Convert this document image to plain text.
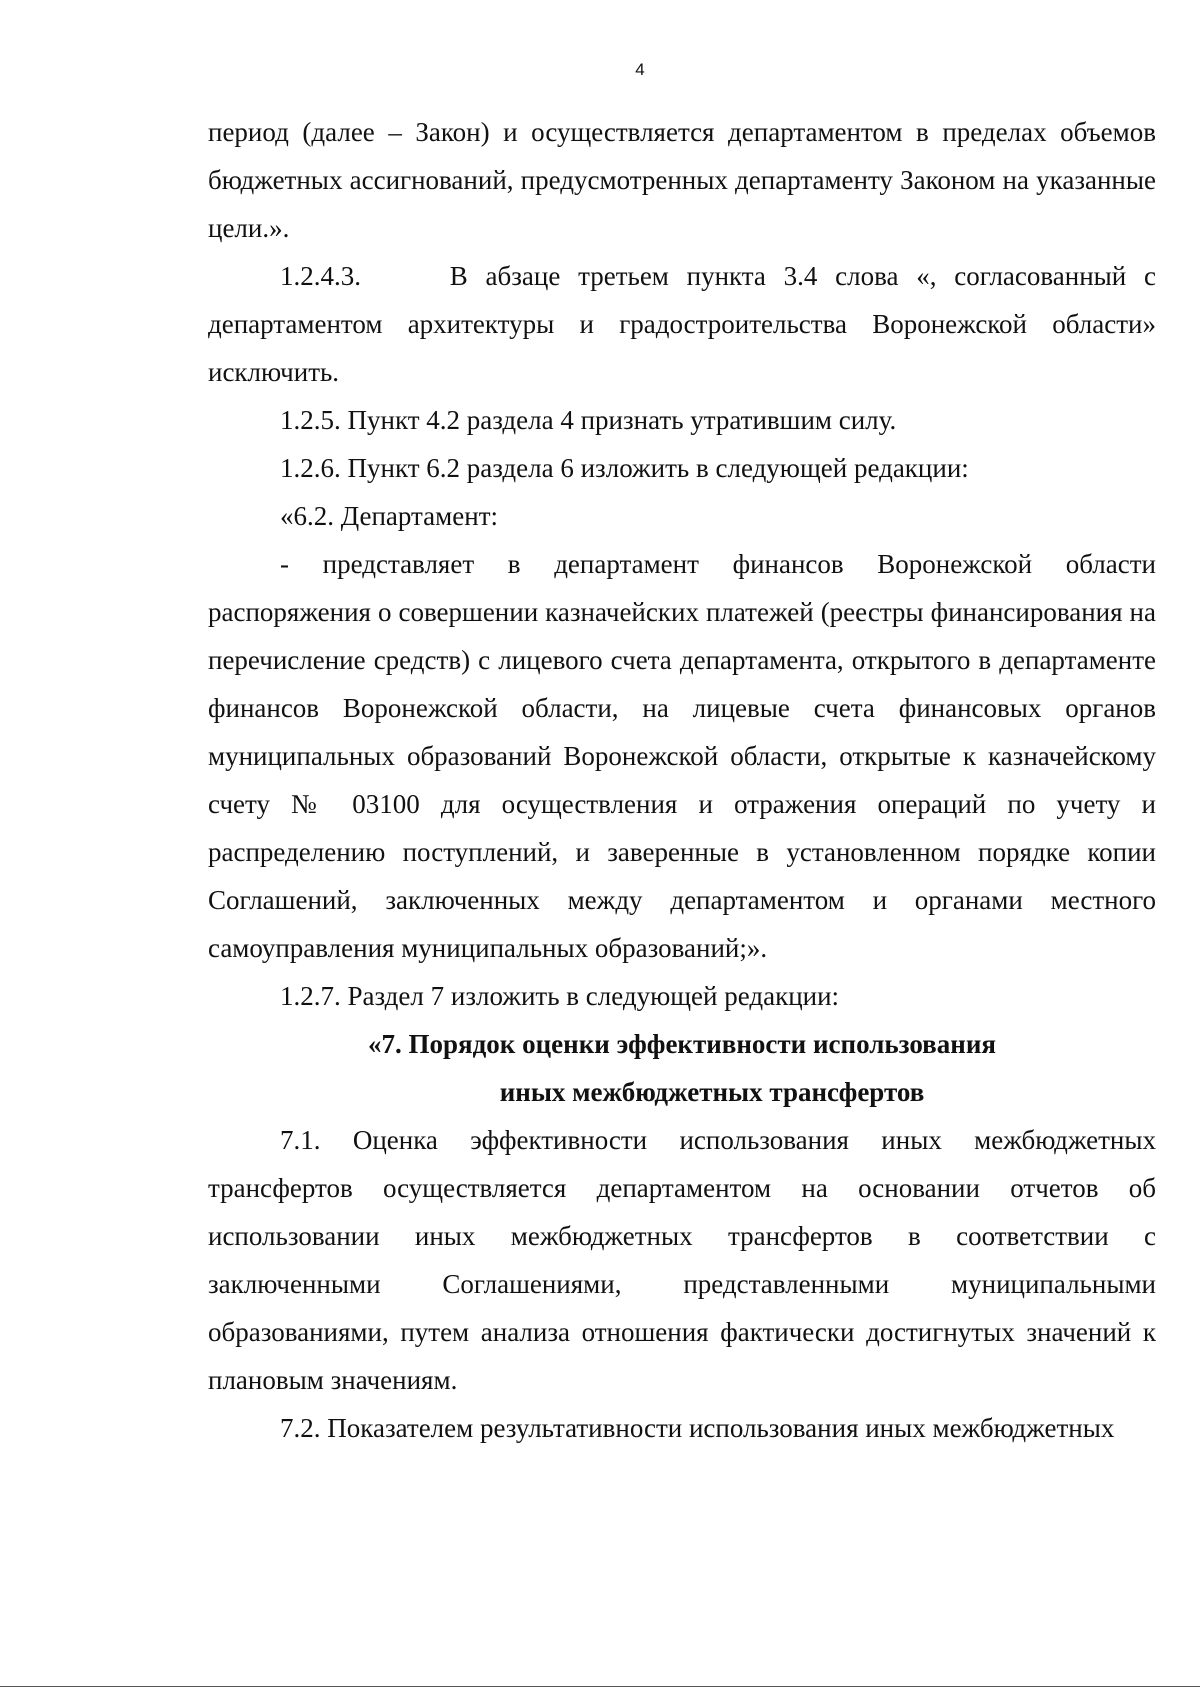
4

период (далее – Закон) и осуществляется департаментом в пределах объемов бюджетных ассигнований, предусмотренных департаменту Законом на указанные цели.».

1.2.4.3.     В абзаце третьем пункта 3.4 слова «, согласованный с департаментом архитектуры и градостроительства Воронежской области» исключить.

1.2.5. Пункт 4.2 раздела 4 признать утратившим силу.

1.2.6. Пункт 6.2 раздела 6 изложить в следующей редакции:

«6.2. Департамент:

- представляет в департамент финансов Воронежской области распоряжения о совершении казначейских платежей (реестры финансирования на перечисление средств) с лицевого счета департамента, открытого в департаменте финансов Воронежской области, на лицевые счета финансовых органов муниципальных образований Воронежской области, открытые к казначейскому счету № 03100 для осуществления и отражения операций по учету и распределению поступлений, и заверенные в установленном порядке копии Соглашений, заключенных между департаментом и органами местного самоуправления муниципальных образований;».

1.2.7. Раздел 7 изложить в следующей редакции:

«7. Порядок оценки эффективности использования

иных межбюджетных трансфертов

7.1. Оценка эффективности использования иных межбюджетных трансфертов осуществляется департаментом на основании отчетов об использовании иных межбюджетных трансфертов в соответствии с заключенными Соглашениями, представленными муниципальными образованиями, путем анализа отношения фактически достигнутых значений к плановым значениям.

7.2. Показателем результативности использования иных межбюджетных
